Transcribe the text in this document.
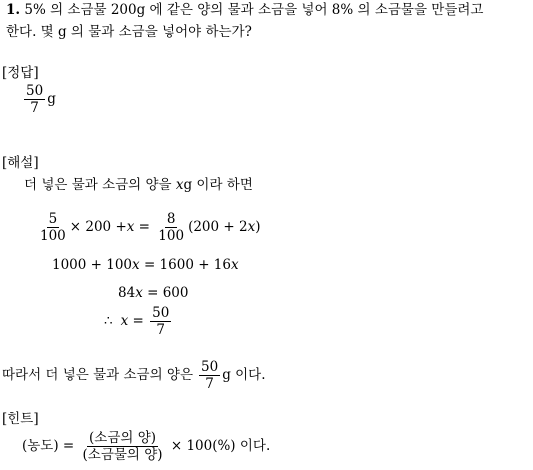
1. 5% 의 소금물 200g 에 같은 양의 물과 소금을 넣어 8% 의 소금물을 만들려고
한다. 몇 g 의 물과 소금을 넣어야 하는가?
[정답]
$\frac{50}{7}$ g
[해설]
더 넣은 물과 소금의 양을 xg 이라 하면
$\frac{5}{100} \times 200 +x = \frac{8}{100} (200 + 2x)$
1000 + 100x = 1600 + 16x
84x = 600
∴ $x = \frac{50}{7}$
따라서 더 넣은 물과 소금의 양은 $\frac{50}{7}$ g 이다.
[힌트]
(농도) = $\frac{\text{(소금의 양)}}{\text{(소금물의 양)}} \times 100(\%)$ 이다.
